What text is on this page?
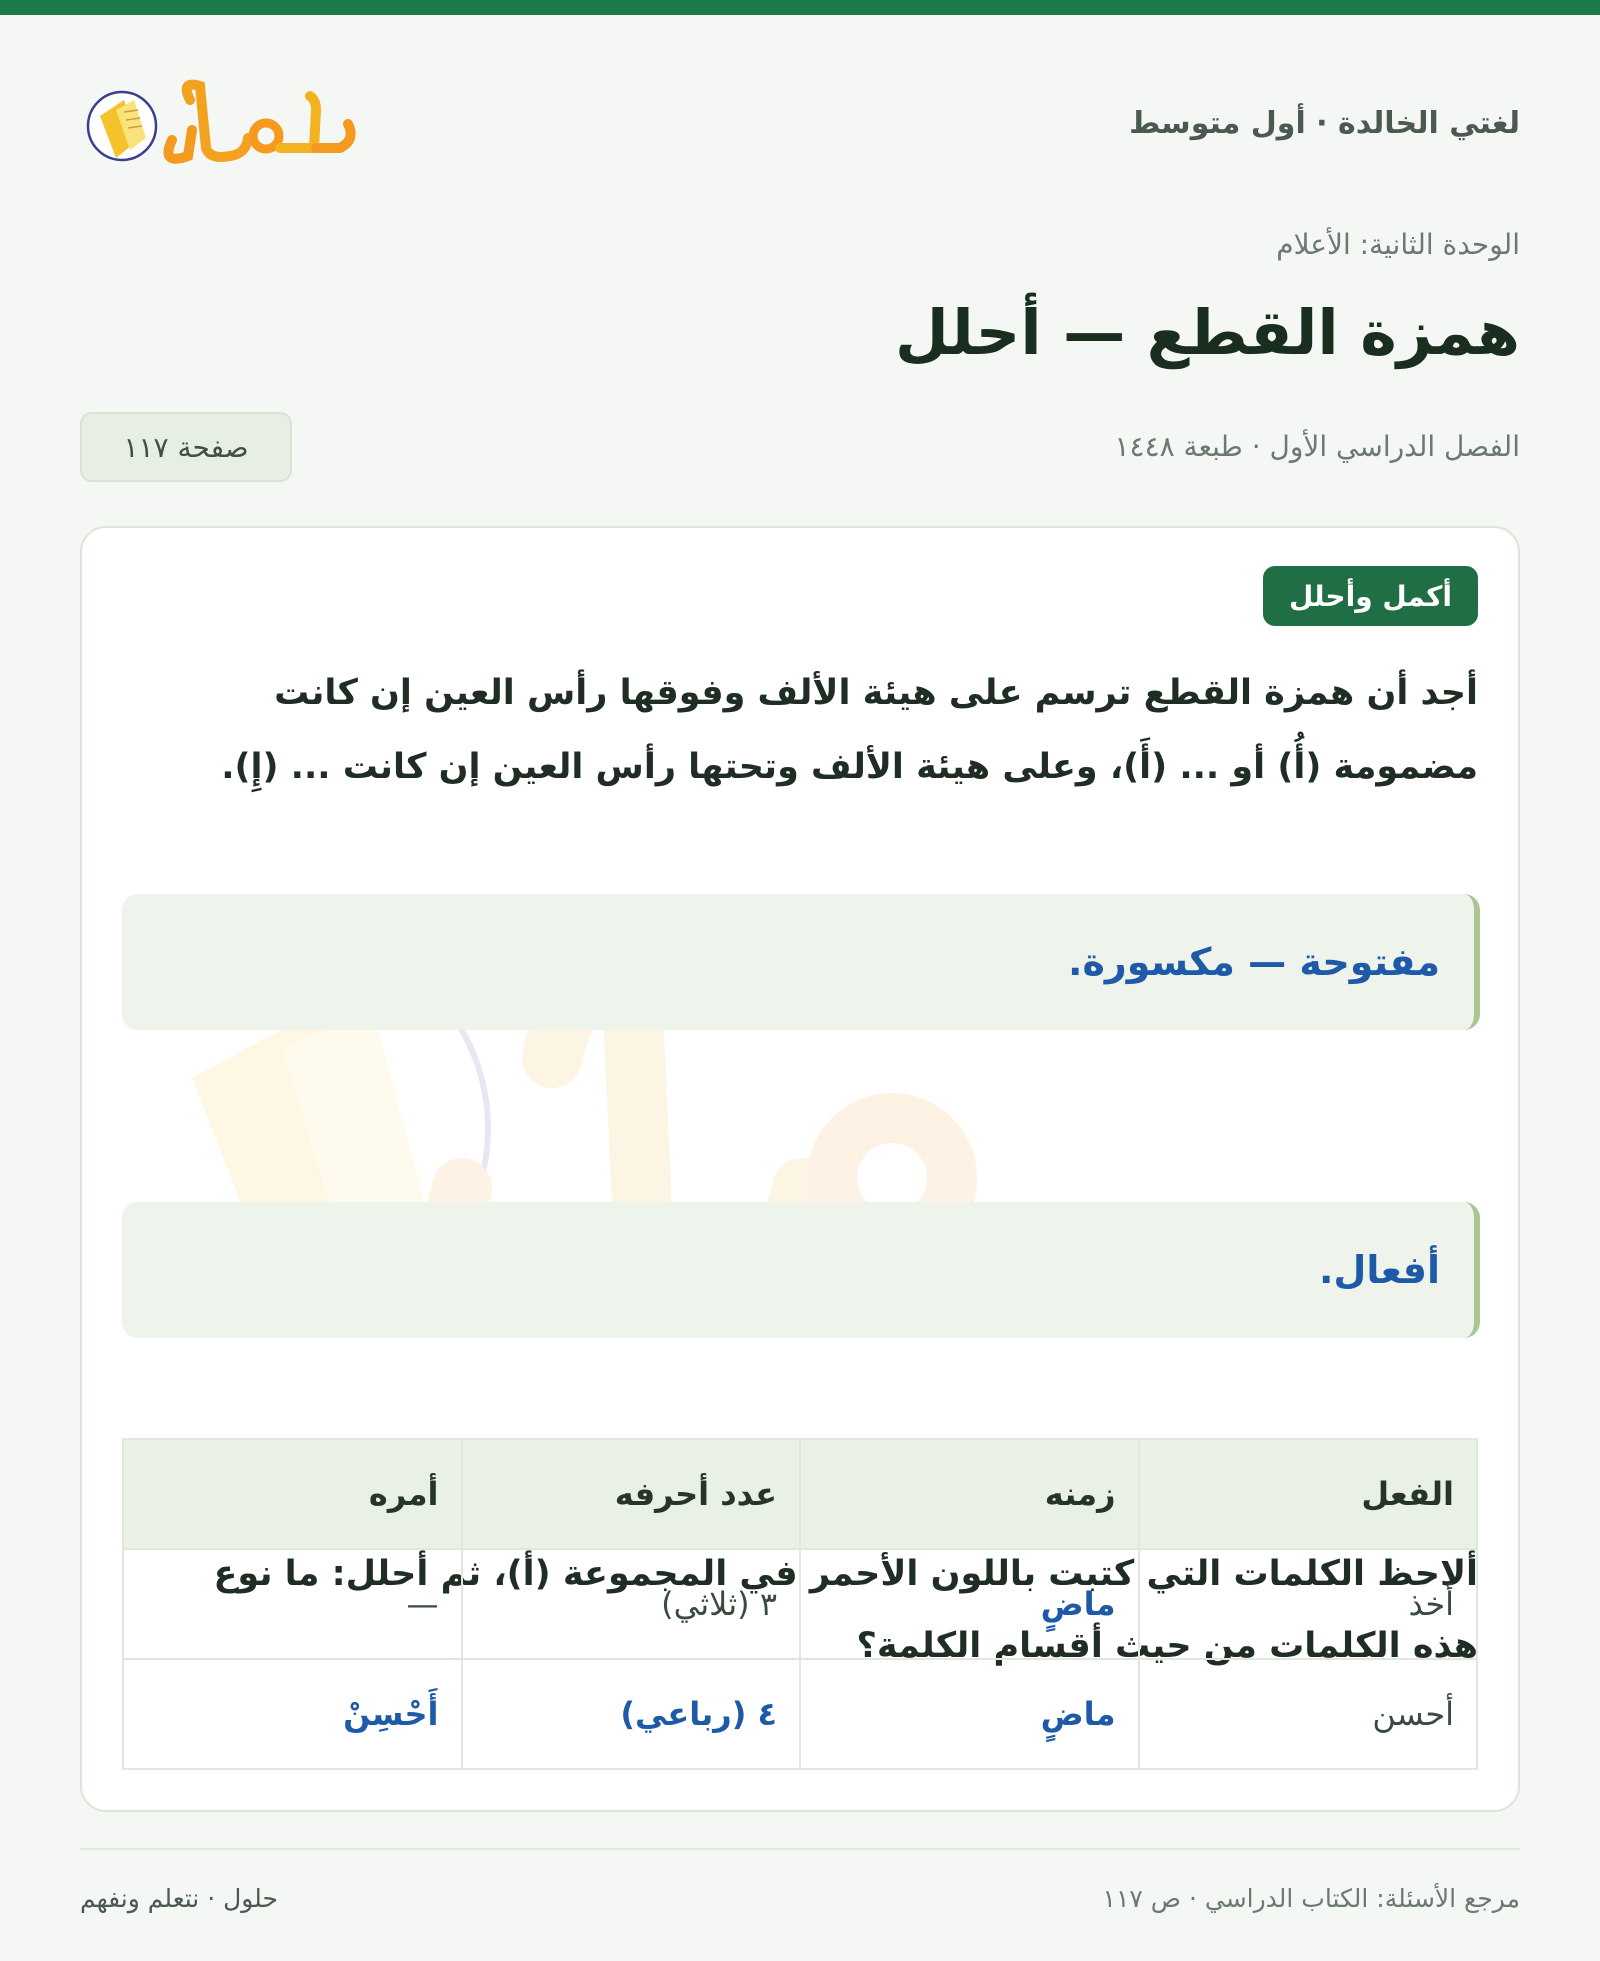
لغتي الخالدة · أول متوسط
الوحدة الثانية: الأعلام
همزة القطع — أحلل
الفصل الدراسي الأول · طبعة ١٤٤٨
صفحة ١١٧
أكمل وأحلل

أجد أن همزة القطع ترسم على هيئة الألف وفوقها رأس العين إن كانت مضمومة (أُ) أو ... (أَ)، وعلى هيئة الألف وتحتها رأس العين إن كانت ... (إِ).

مفتوحة — مكسورة.

ألاحظ الكلمات التي كتبت باللون الأحمر في المجموعة (أ)، ثم أحلل: ما نوع هذه الكلمات من حيث أقسام الكلمة؟

أفعال.

الفعل	زمنه	عدد أحرفه	أمره
أخذ	ماضٍ	٣ (ثلاثي)	—
أحسن	ماضٍ	٤ (رباعي)	أَحْسِنْ
حلول · نتعلم ونفهم	مرجع الأسئلة: الكتاب الدراسي · ص ١١٧
